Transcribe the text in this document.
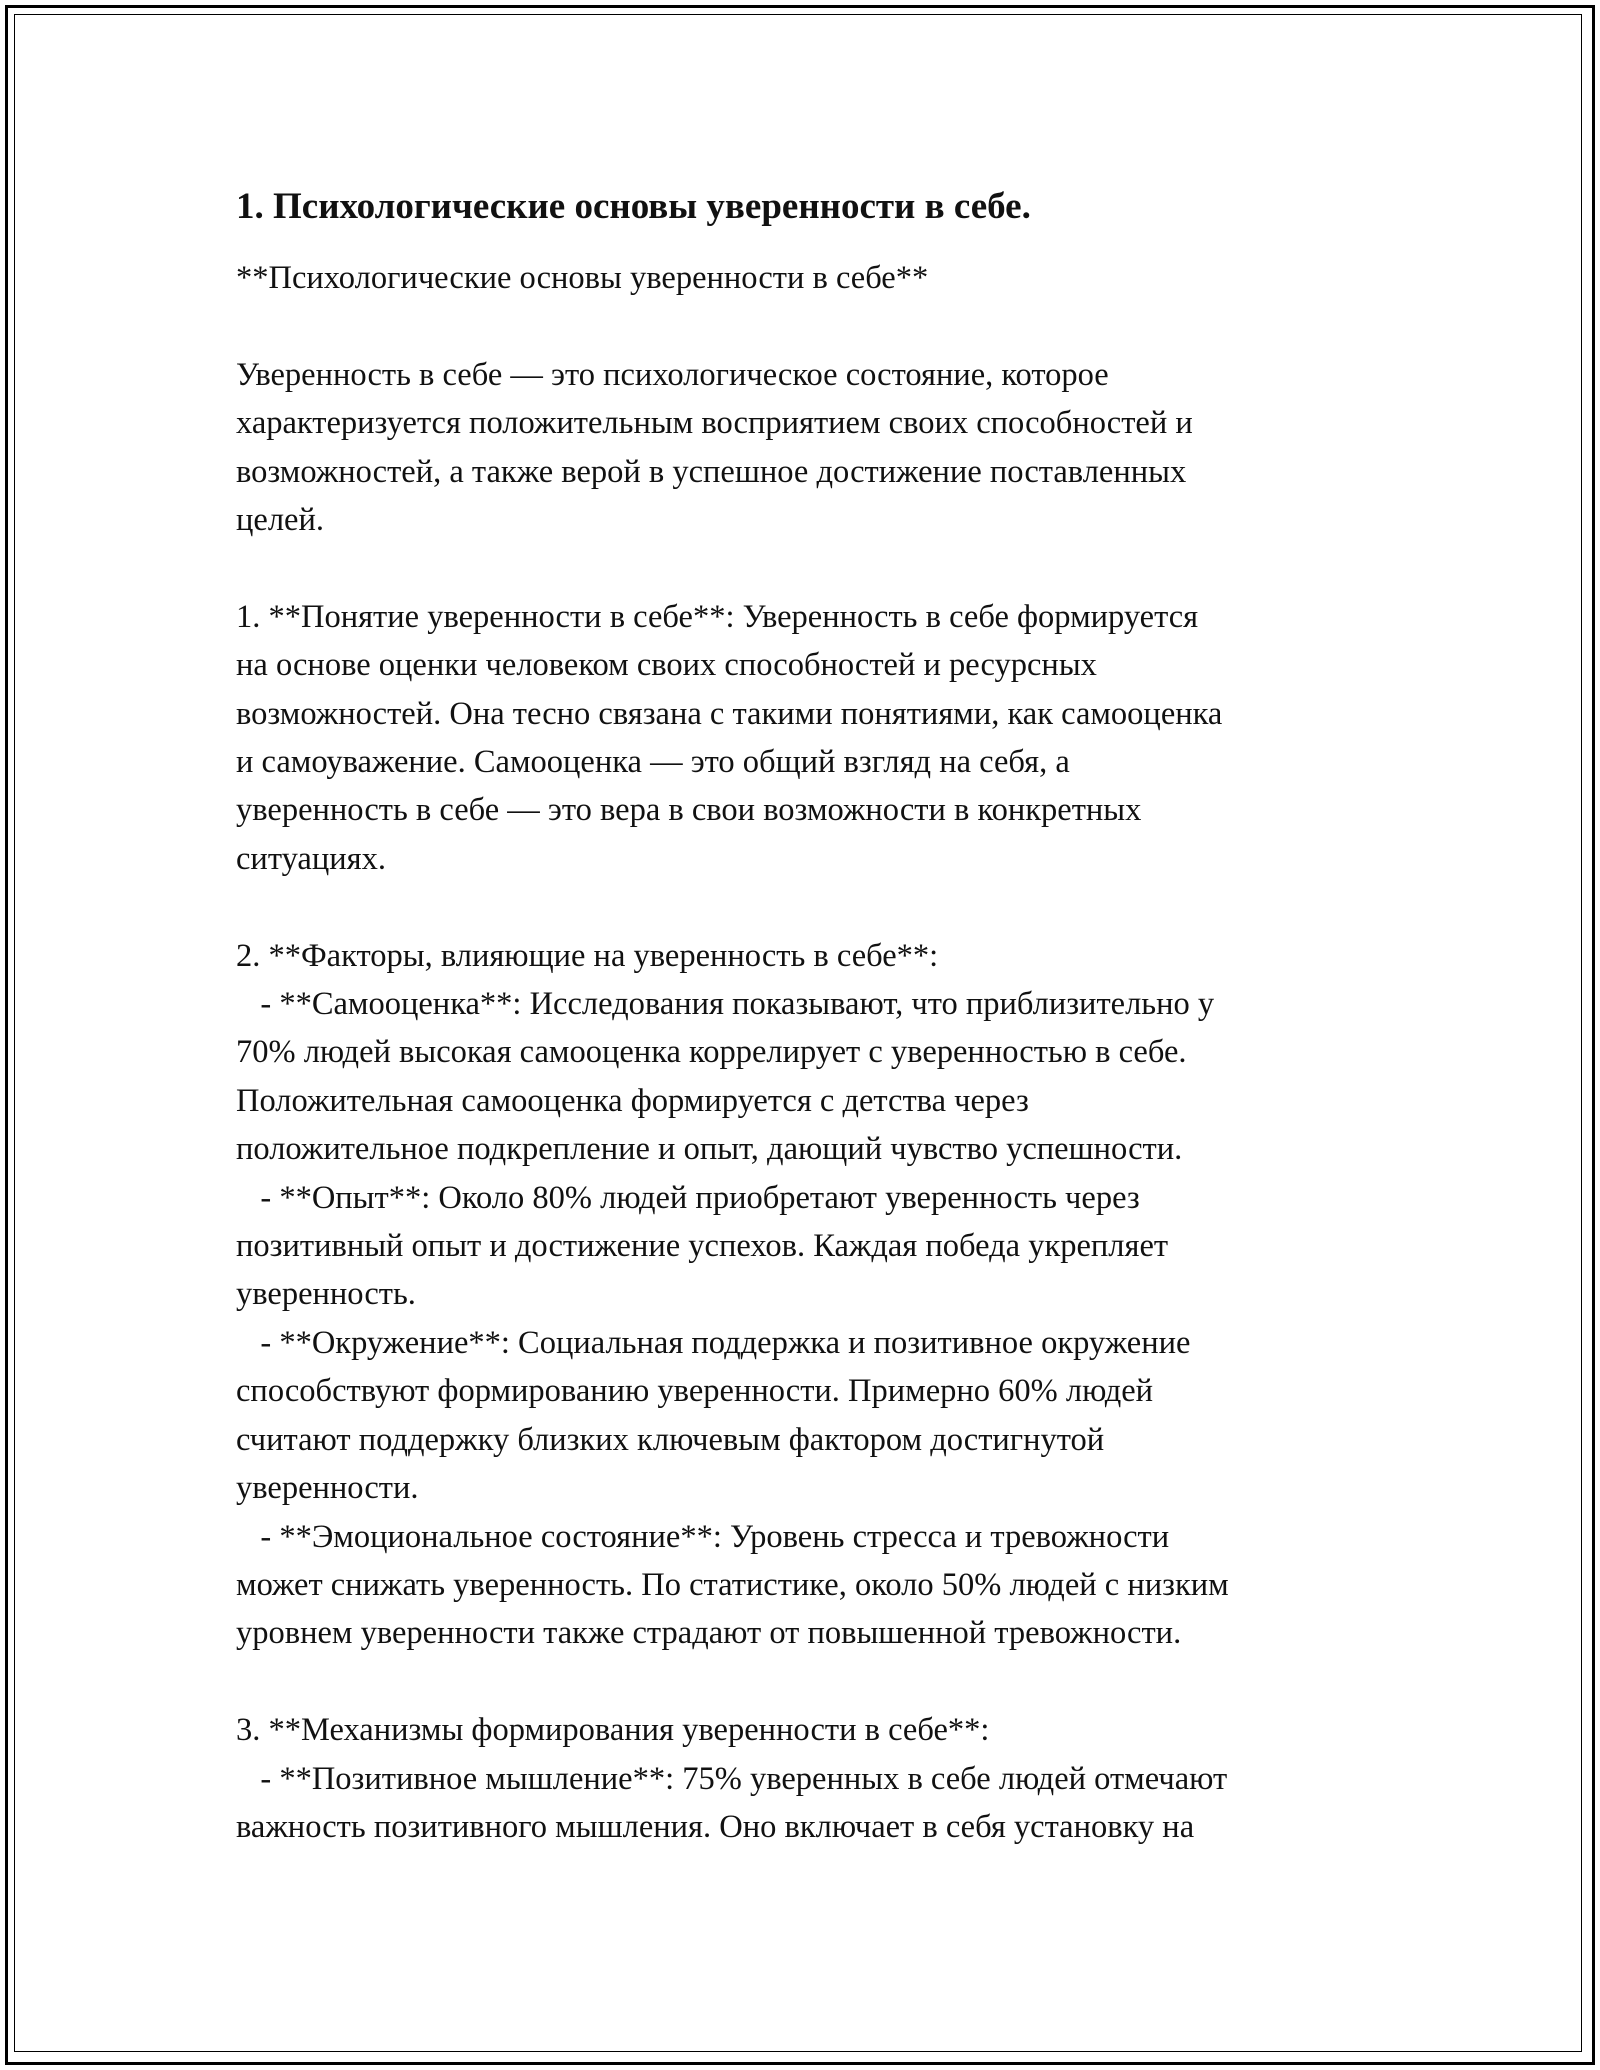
1. Психологические основы уверенности в себе.

**Психологические основы уверенности в себе**

Уверенность в себе — это психологическое состояние, которое
характеризуется положительным восприятием своих способностей и
возможностей, а также верой в успешное достижение поставленных
целей.

1. **Понятие уверенности в себе**: Уверенность в себе формируется
на основе оценки человеком своих способностей и ресурсных
возможностей. Она тесно связана с такими понятиями, как самооценка
и самоуважение. Самооценка — это общий взгляд на себя, а
уверенность в себе — это вера в свои возможности в конкретных
ситуациях.

2. **Факторы, влияющие на уверенность в себе**:

- **Самооценка**: Исследования показывают, что приблизительно у
70% людей высокая самооценка коррелирует с уверенностью в себе.
Положительная самооценка формируется с детства через
положительное подкрепление и опыт, дающий чувство успешности.

- **Опыт**: Около 80% людей приобретают уверенность через
позитивный опыт и достижение успехов. Каждая победа укрепляет
уверенность.

- **Окружение**: Социальная поддержка и позитивное окружение
способствуют формированию уверенности. Примерно 60% людей
считают поддержку близких ключевым фактором достигнутой
уверенности.

- **Эмоциональное состояние**: Уровень стресса и тревожности
может снижать уверенность. По статистике, около 50% людей с низким
уровнем уверенности также страдают от повышенной тревожности.

3. **Механизмы формирования уверенности в себе**:

- **Позитивное мышление**: 75% уверенных в себе людей отмечают
важность позитивного мышления. Оно включает в себя установку на
